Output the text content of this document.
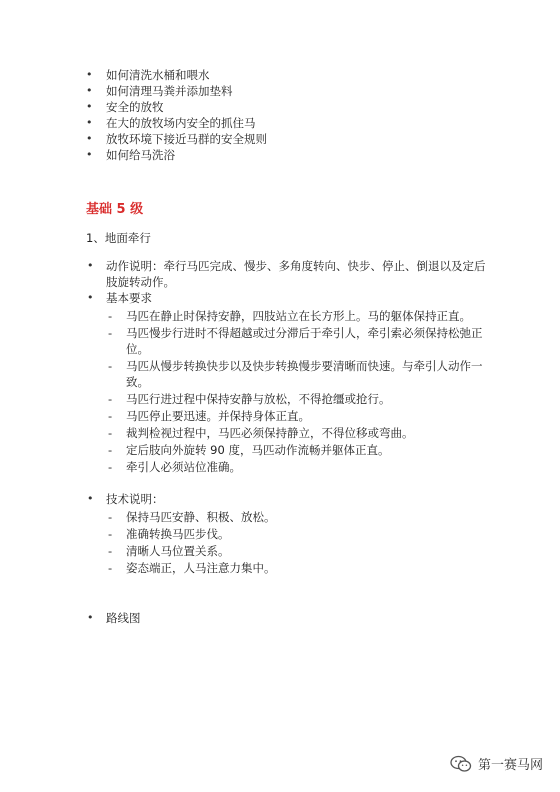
• 如何清洗水桶和喂水
• 如何清理马粪并添加垫料
• 安全的放牧
• 在大的放牧场内安全的抓住马
• 放牧环境下接近马群的安全规则
• 如何给马洗浴
基础 5 级
1、地面牵行
• 动作说明：牵行马匹完成、慢步、多角度转向、快步、停止、倒退以及定后肢旋转动作。
• 基本要求
- 马匹在静止时保持安静，四肢站立在长方形上。马的躯体保持正直。
- 马匹慢步行进时不得超越或过分滞后于牵引人，牵引索必须保持松弛正位。
- 马匹从慢步转换快步以及快步转换慢步要清晰而快速。与牵引人动作一致。
- 马匹行进过程中保持安静与放松，不得抢缰或抢行。
- 马匹停止要迅速。并保持身体正直。
- 裁判检视过程中，马匹必须保持静立，不得位移或弯曲。
- 定后肢向外旋转 90 度，马匹动作流畅并躯体正直。
- 牵引人必须站位准确。
• 技术说明：
- 保持马匹安静、积极、放松。
- 准确转换马匹步伐。
- 清晰人马位置关系。
- 姿态端正，人马注意力集中。
• 路线图
第一赛马网
